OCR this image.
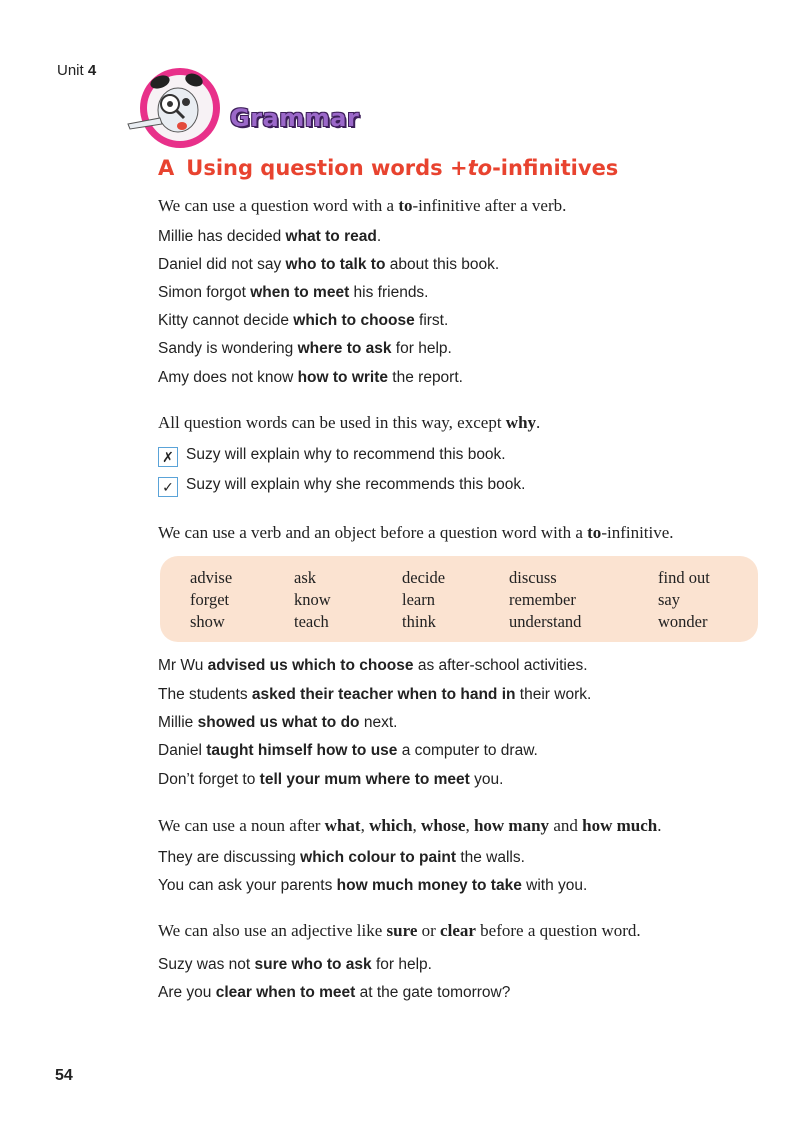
Unit 4
Grammar
A Using question words +to-infinitives
We can use a question word with a to-infinitive after a verb.
Millie has decided what to read.
Daniel did not say who to talk to about this book.
Simon forgot when to meet his friends.
Kitty cannot decide which to choose first.
Sandy is wondering where to ask for help.
Amy does not know how to write the report.
All question words can be used in this way, except why.
✗ Suzy will explain why to recommend this book.
✓ Suzy will explain why she recommends this book.
We can use a verb and an object before a question word with a to-infinitive.
advise	ask	decide	discuss	find out
forget	know	learn	remember	say
show	teach	think	understand	wonder
Mr Wu advised us which to choose as after-school activities.
The students asked their teacher when to hand in their work.
Millie showed us what to do next.
Daniel taught himself how to use a computer to draw.
Don’t forget to tell your mum where to meet you.
We can use a noun after what, which, whose, how many and how much.
They are discussing which colour to paint the walls.
You can ask your parents how much money to take with you.
We can also use an adjective like sure or clear before a question word.
Suzy was not sure who to ask for help.
Are you clear when to meet at the gate tomorrow?
54
